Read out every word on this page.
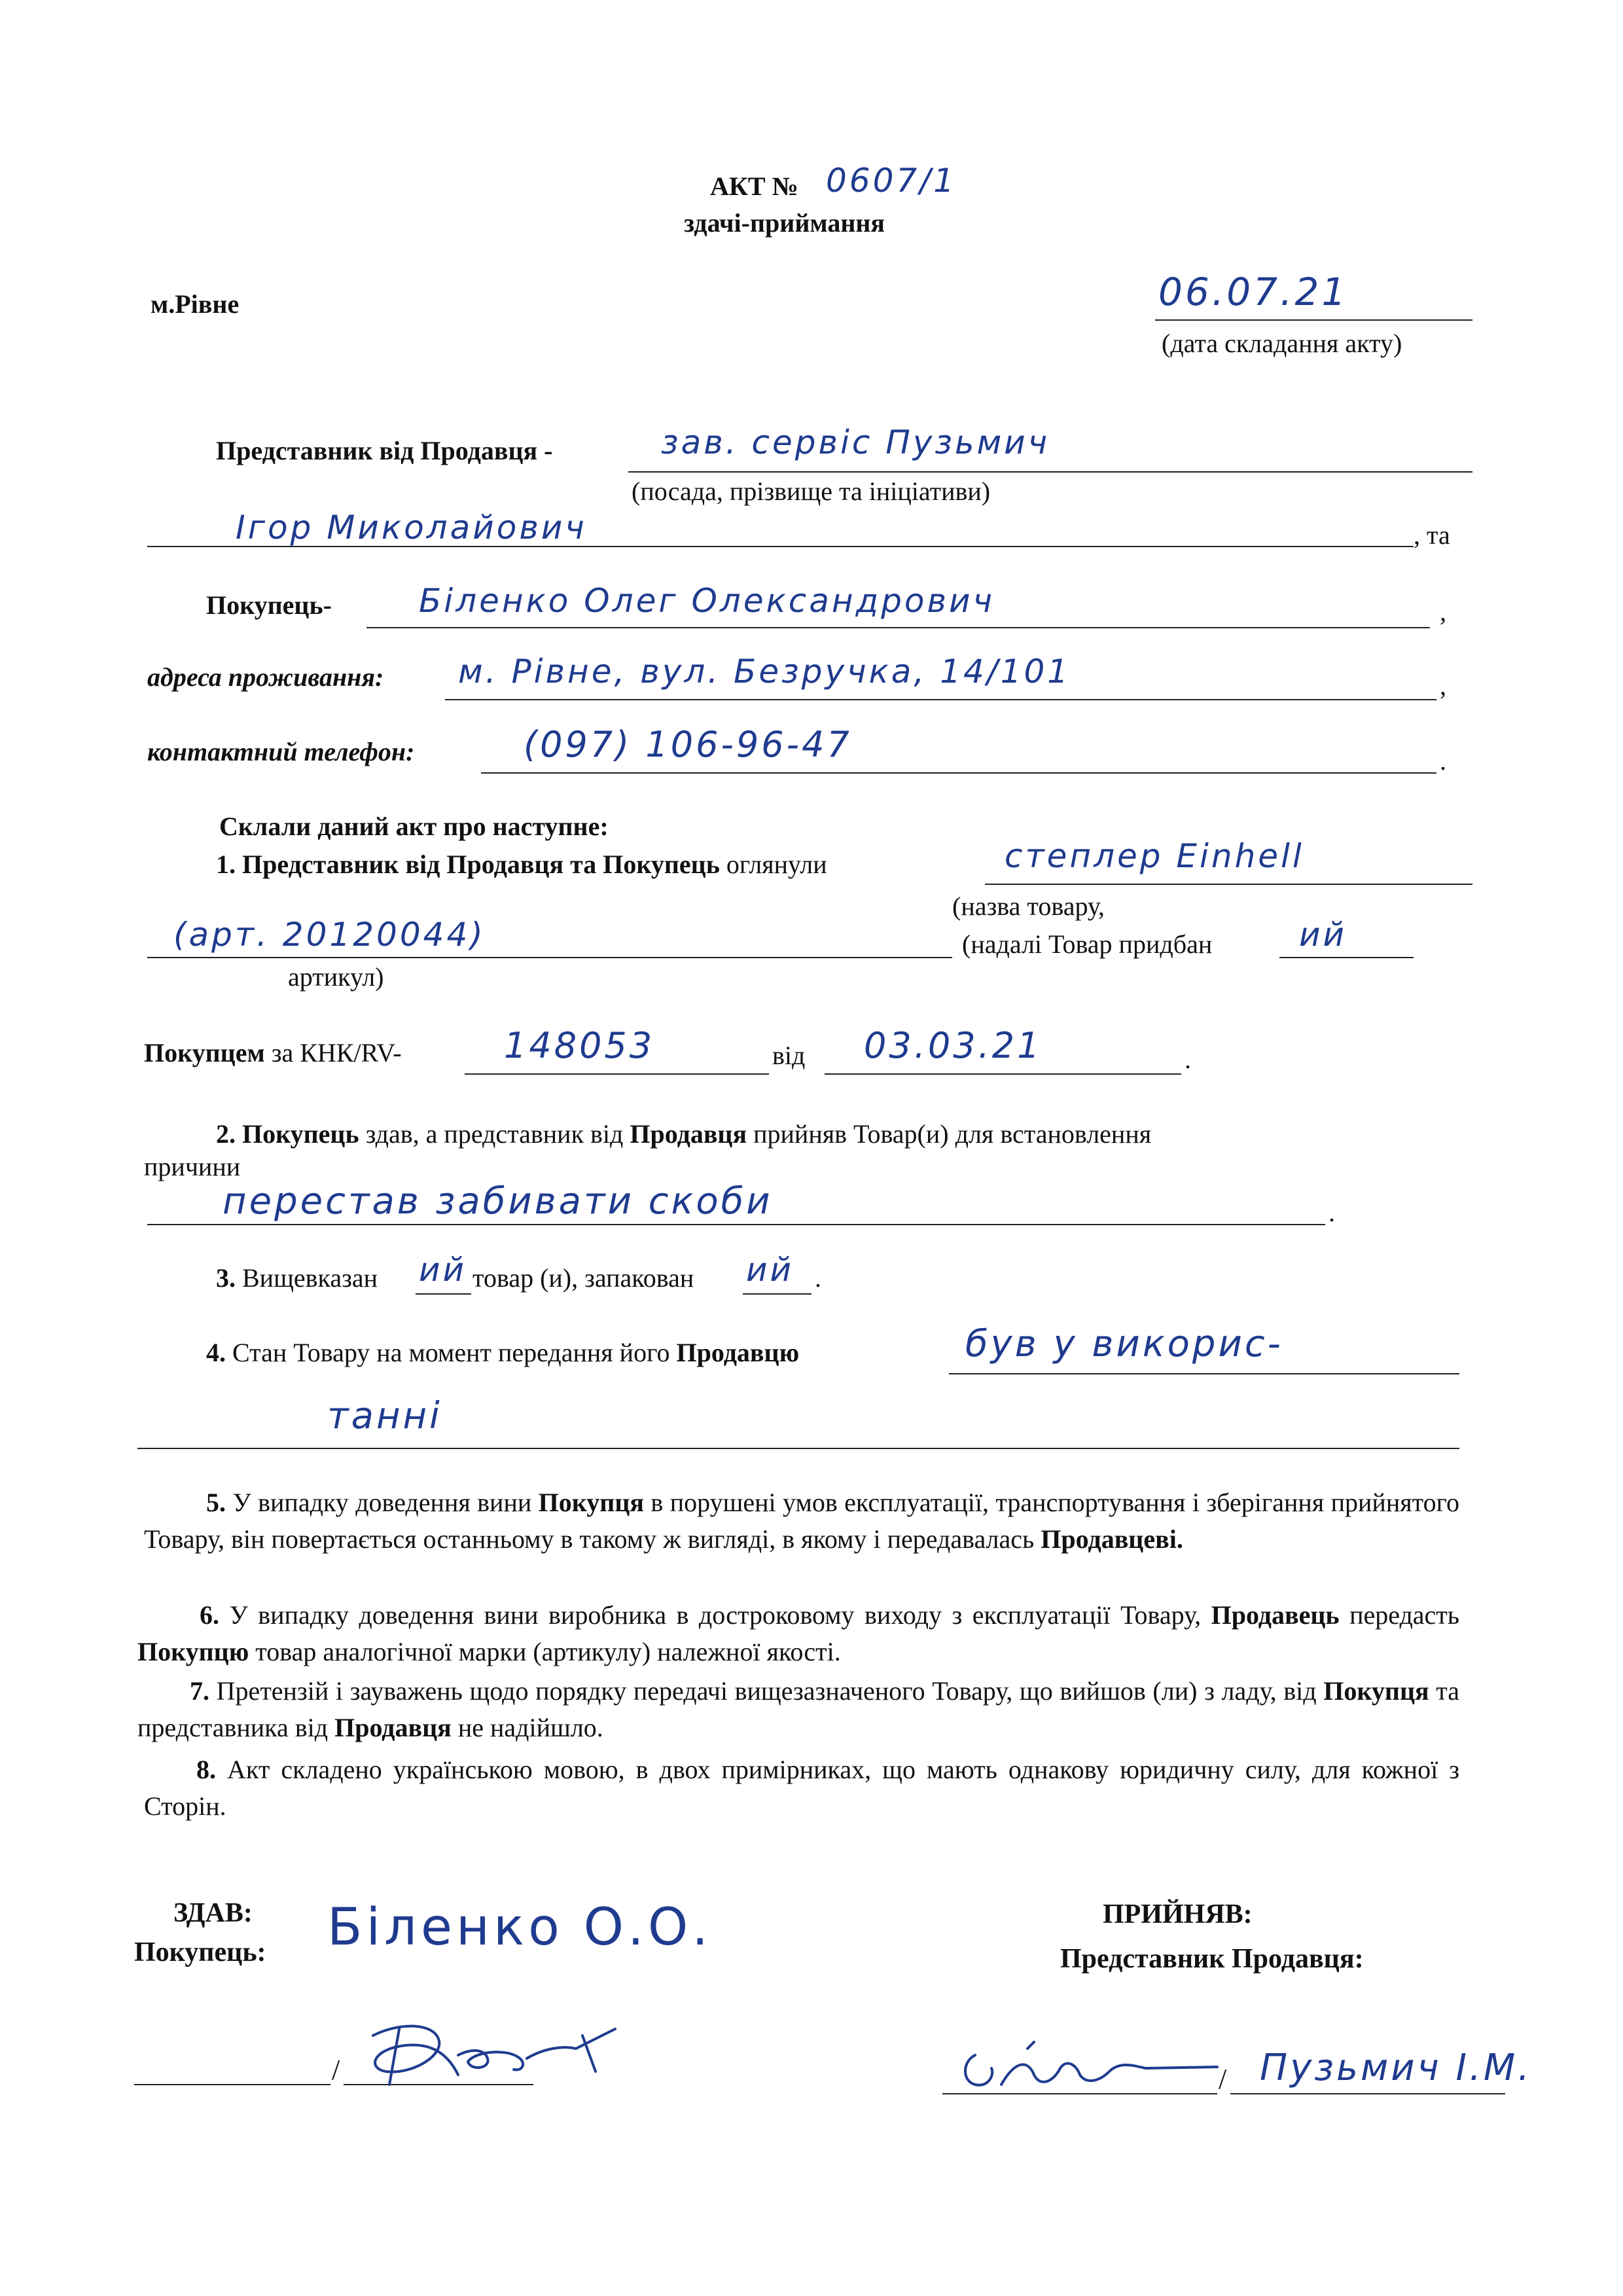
АКТ № 0607/1
здачі-приймання
м.Рівне	06.07.21
(дата складання акту)
Представник від Продавця -	зав. сервіс Пузьмич
(посада, прізвище та ініціативи)
Ігор Миколайович	, та
Покупець-	Бiленко Олег Олександрович	,
адреса проживання: м. Рівне, вул. Безручка, 14/101	,
контактний телефон:	(097) 106-96-47	.
Склали даний акт про наступне:
1. Представник від Продавця та Покупець оглянули	степлер Einhell
(назва товару,
(арт. 20120044)	(надалі Товар придбан	ий
артикул)
Покупцем за КНК/RV-	148053	від 03.03.21	.
2. Покупець здав, а представник від Продавця прийняв Товар(и) для встановлення
причини
перестав забивати скоби	.
3. Вищевказан ий товар (и), запакован ий .
4. Стан Товару на момент передання його Продавцю	був у викорис-
танні
5. У випадку доведення вини Покупця в порушені умов експлуатації, транспортування і зберігання прийнятого Товару, він повертається останньому в такому ж вигляді, в якому і передавалась Продавцеві.
6. У випадку доведення вини виробника в достроковому виходу з експлуатації Товару, Продавець передасть Покупцю товар аналогічної марки (артикулу) належної якості.
7. Претензій і зауважень щодо порядку передачі вищезазначеного Товару, що вийшов (ли) з ладу, від Покупця та представника від Продавця не надійшло.
8. Акт складено українською мовою, в двох примірниках, що мають однакову юридичну силу, для кожної з Сторін.
ЗДАВ:
Покупець: Біленко О.О.	ПРИЙНЯВ:
Представник Продавця:
/	/ Пузьмич І.М.
